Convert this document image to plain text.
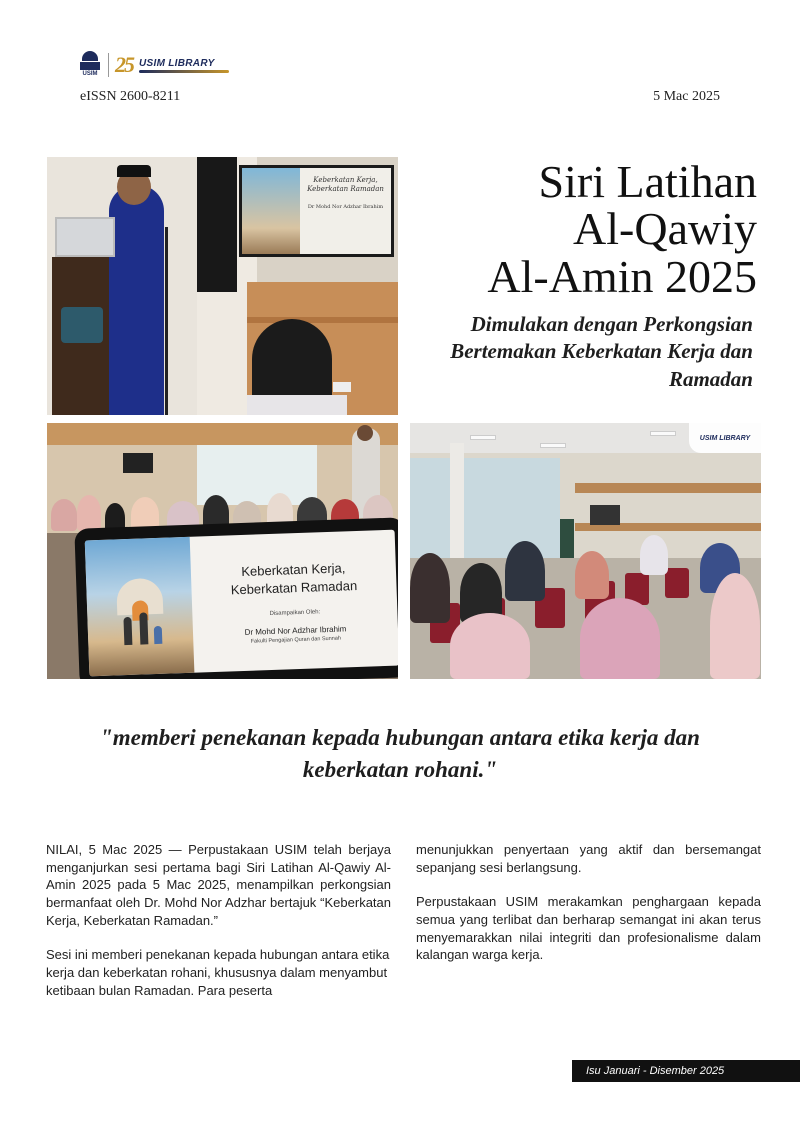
USIM 25 USIM LIBRARY
eISSN 2600-8211	5 Mac 2025
Keberkatan Kerja,
Keberkatan Ramadan
Dr Mohd Nor Adzhar Ibrahim
Keberkatan Kerja,
Keberkatan Ramadan
Disampaikan Oleh:
Dr Mohd Nor Adzhar Ibrahim
Fakulti Pengajian Quran dan Sunnah
USIM LIBRARY
Siri Latihan
Al-Qawiy
Al-Amin 2025
Dimulakan dengan Perkongsian
Bertemakan Keberkatan Kerja dan
Ramadan
"memberi penekanan kepada hubungan antara etika kerja dan
keberkatan rohani."

NILAI, 5 Mac 2025 — Perpustakaan USIM telah berjaya menganjurkan sesi pertama bagi Siri Latihan Al-Qawiy Al-Amin 2025 pada 5 Mac 2025, menampilkan perkongsian bermanfaat oleh Dr. Mohd Nor Adzhar bertajuk “Keberkatan Kerja, Keberkatan Ramadan.”

Sesi ini memberi penekanan kepada hubungan antara etika kerja dan keberkatan rohani, khususnya dalam menyambut ketibaan bulan Ramadan. Para peserta

menunjukkan penyertaan yang aktif dan bersemangat sepanjang sesi berlangsung.

Perpustakaan USIM merakamkan penghargaan kepada semua yang terlibat dan berharap semangat ini akan terus menyemarakkan nilai integriti dan profesionalisme dalam kalangan warga kerja.

Isu Januari - Disember 2025
